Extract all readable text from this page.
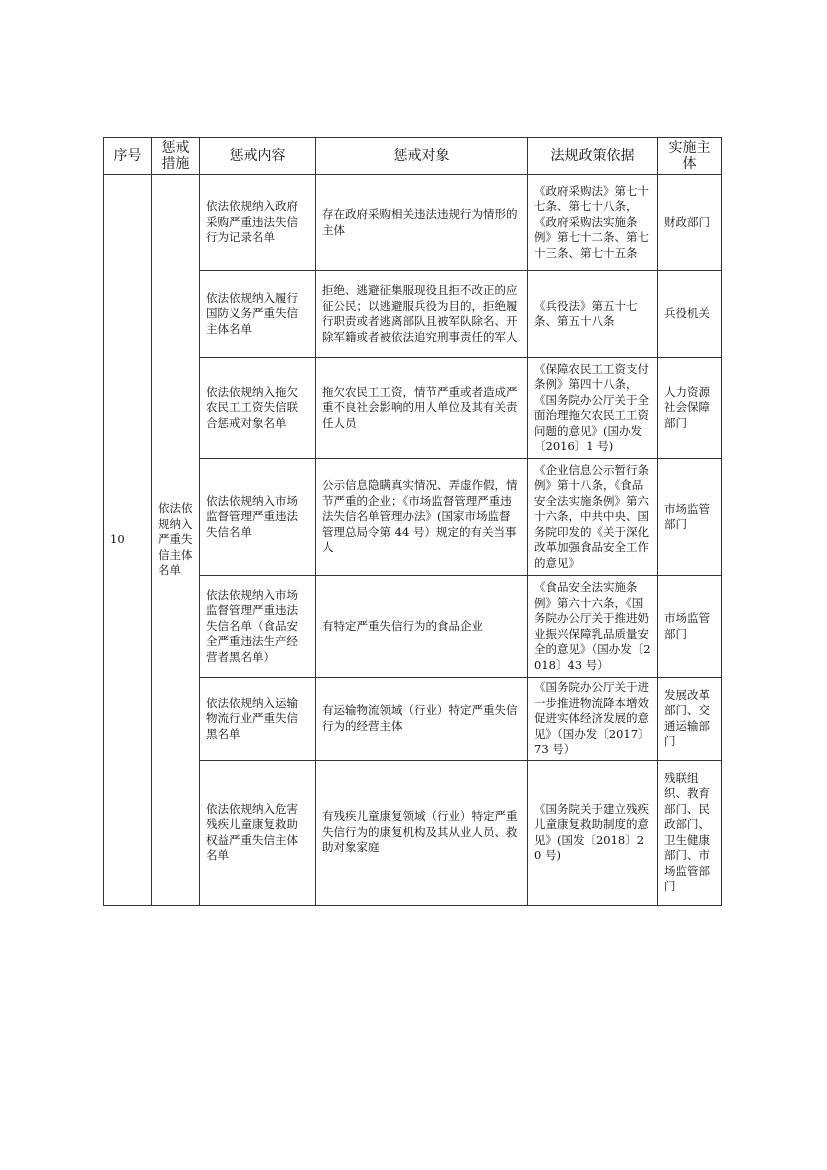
序号	惩戒措施	惩戒内容	惩戒对象	法规政策依据	实施主体
10	依法依规纳入严重失信主体名单	依法依规纳入政府采购严重违法失信行为记录名单	存在政府采购相关违法违规行为情形的主体	《政府采购法》第七十七条、第七十八条，《政府采购法实施条例》第七十二条、第七十三条、第七十五条	财政部门
		依法依规纳入履行国防义务严重失信主体名单	拒绝、逃避征集服现役且拒不改正的应征公民；以逃避服兵役为目的，拒绝履行职责或者逃离部队且被军队除名、开除军籍或者被依法追究刑事责任的军人	《兵役法》第五十七条、第五十八条	兵役机关
		依法依规纳入拖欠农民工工资失信联合惩戒对象名单	拖欠农民工工资，情节严重或者造成严重不良社会影响的用人单位及其有关责任人员	《保障农民工工资支付条例》第四十八条，《国务院办公厅关于全面治理拖欠农民工工资问题的意见》(国办发〔2016〕1 号)	人力资源社会保障部门
		依法依规纳入市场监督管理严重违法失信名单	公示信息隐瞒真实情况、弄虚作假，情节严重的企业；《市场监督管理严重违法失信名单管理办法》(国家市场监督管理总局令第 44 号）规定的有关当事人	《企业信息公示暂行条例》第十八条，《食品安全法实施条例》第六十六条，中共中央、国务院印发的《关于深化改革加强食品安全工作的意见》	市场监管部门
		依法依规纳入市场监督管理严重违法失信名单（食品安全严重违法生产经营者黑名单）	有特定严重失信行为的食品企业	《食品安全法实施条例》第六十六条，《国务院办公厅关于推进奶业振兴保障乳品质量安全的意见》（国办发〔2018〕43 号）	市场监管部门
		依法依规纳入运输物流行业严重失信黑名单	有运输物流领域（行业）特定严重失信行为的经营主体	《国务院办公厅关于进一步推进物流降本增效促进实体经济发展的意见》（国办发〔2017〕73 号）	发展改革部门、交通运输部门
		依法依规纳入危害残疾儿童康复救助权益严重失信主体名单	有残疾儿童康复领域（行业）特定严重失信行为的康复机构及其从业人员、救助对象家庭	《国务院关于建立残疾儿童康复救助制度的意见》(国发〔2018〕20 号)	残联组织、教育部门、民政部门、卫生健康部门、市场监管部门
